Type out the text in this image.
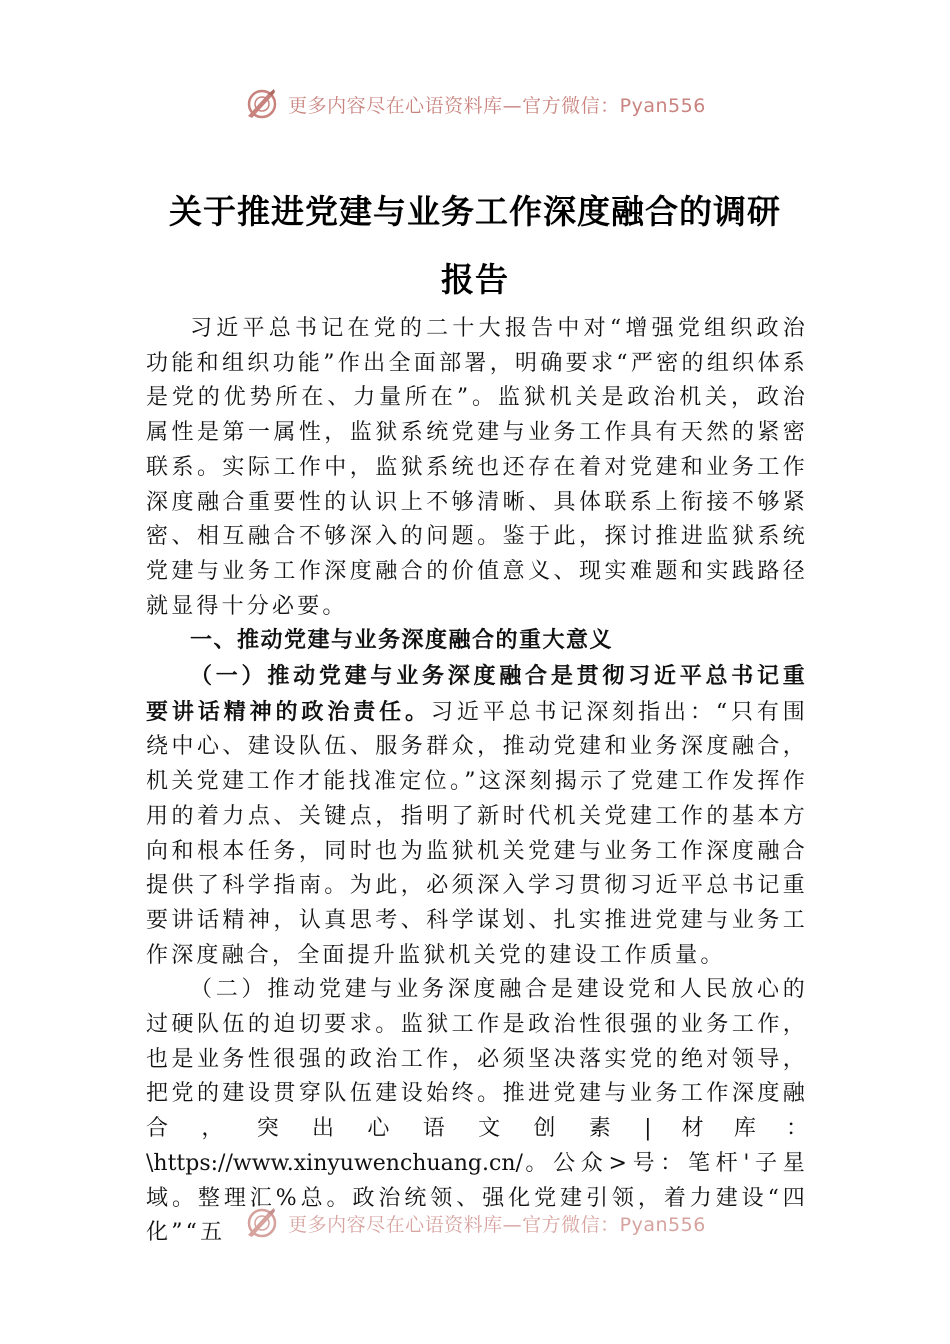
更多内容尽在心语资料库—官方微信：Pyan556
关于推进党建与业务工作深度融合的调研
报告

习近平总书记在党的二十大报告中对“增强党组织政治功能和组织功能”作出全面部署，明确要求“严密的组织体系是党的优势所在、力量所在”。监狱机关是政治机关，政治属性是第一属性，监狱系统党建与业务工作具有天然的紧密联系。实际工作中，监狱系统也还存在着对党建和业务工作深度融合重要性的认识上不够清晰、具体联系上衔接不够紧密、相互融合不够深入的问题。鉴于此，探讨推进监狱系统党建与业务工作深度融合的价值意义、现实难题和实践路径就显得十分必要。

一、推动党建与业务深度融合的重大意义

（一）推动党建与业务深度融合是贯彻习近平总书记重要讲话精神的政治责任。习近平总书记深刻指出：“只有围绕中心、建设队伍、服务群众，推动党建和业务深度融合，机关党建工作才能找准定位。”这深刻揭示了党建工作发挥作用的着力点、关键点，指明了新时代机关党建工作的基本方向和根本任务，同时也为监狱机关党建与业务工作深度融合提供了科学指南。为此，必须深入学习贯彻习近平总书记重要讲话精神，认真思考、科学谋划、扎实推进党建与业务工作深度融合，全面提升监狱机关党的建设工作质量。

（二）推动党建与业务深度融合是建设党和人民放心的过硬队伍的迫切要求。监狱工作是政治性很强的业务工作，也是业务性很强的政治工作，必须坚决落实党的绝对领导，把党的建设贯穿队伍建设始终。推进党建与业务工作深度融合，突出心语文创素|材库：\https://www.xinyuwenchuang.cn/。公众>号：笔杆'子星域。整理汇%总。政治统领、强化党建引领，着力建设“四化”“五	更多内容尽在心语资料库—官方微信：Pyan556
